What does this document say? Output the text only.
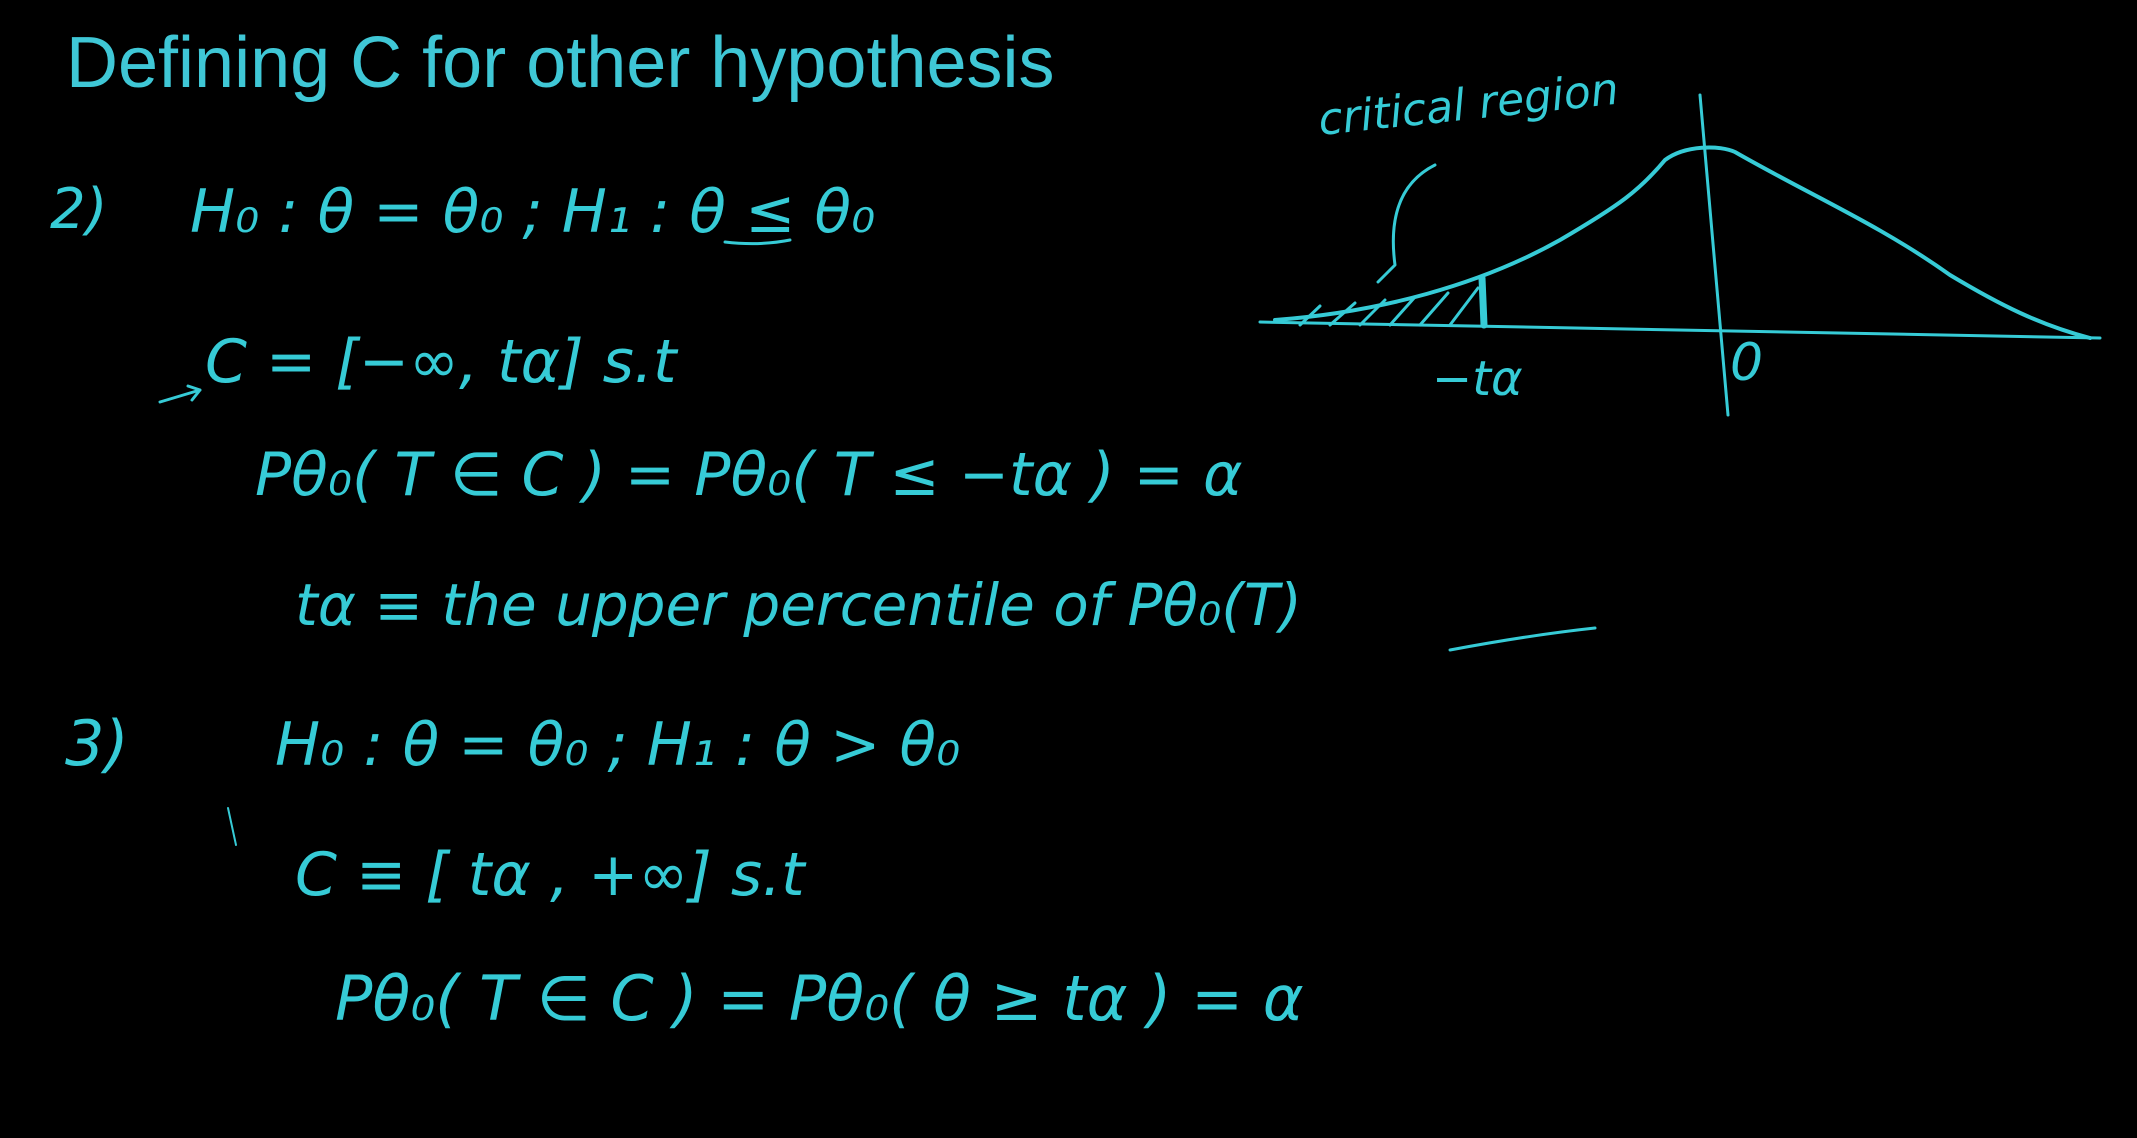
Defining C for other hypothesis
2) H₀ : θ = θ₀ ; H₁ : θ ≤ θ₀
C = [−∞, tα] s.t
Pθ₀( T ∈ C ) = Pθ₀( T ≤ −tα ) = α
tα ≡ the upper percentile of Pθ₀(T)
3) H₀ : θ = θ₀ ; H₁ : θ > θ₀
C ≡ [ tα , +∞] s.t
Pθ₀( T ∈ C ) = Pθ₀( θ ≥ tα ) = α
critical region
−tα	0
